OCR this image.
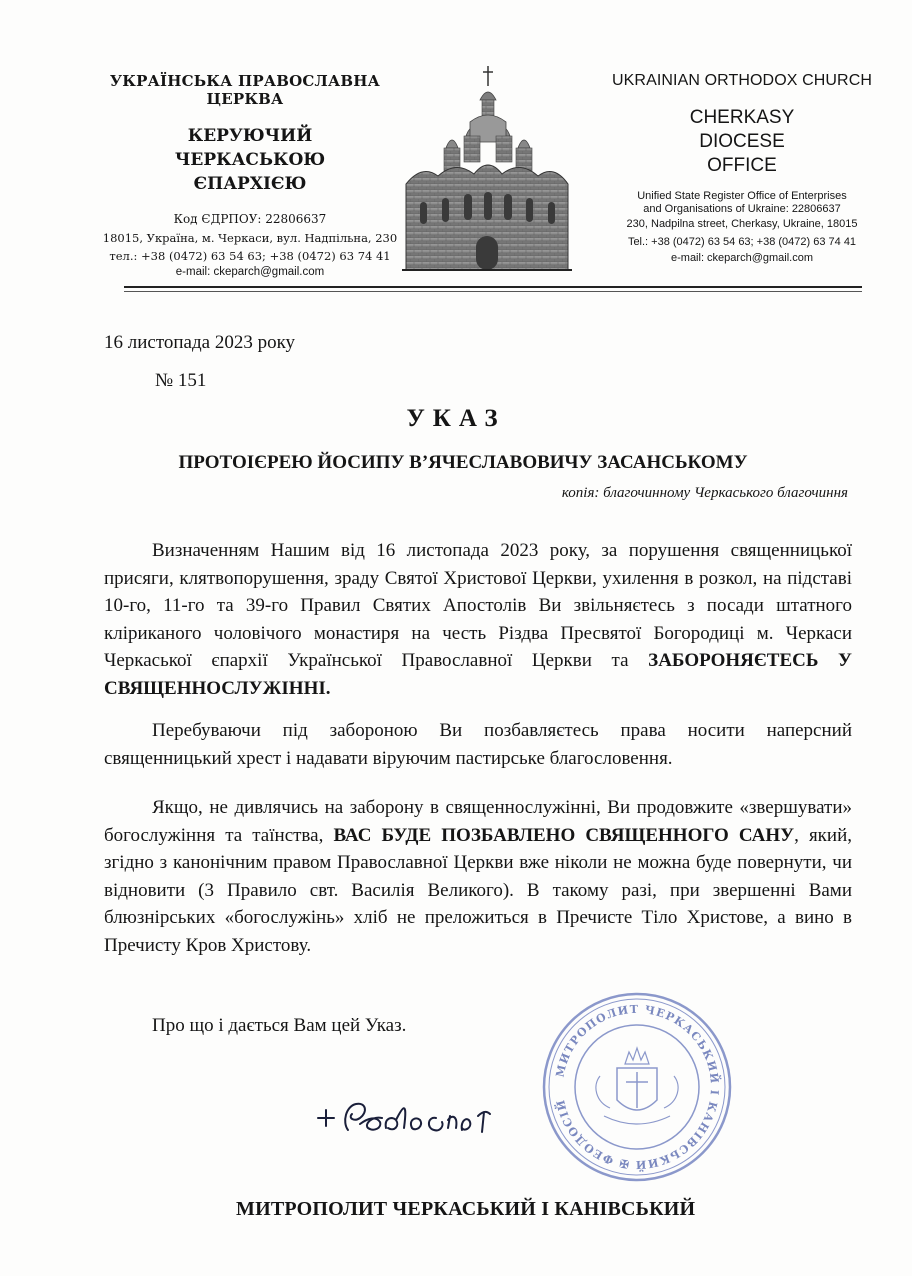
УКРАЇНСЬКА ПРАВОСЛАВНА ЦЕРКВА
КЕРУЮЧИЙ
ЧЕРКАСЬКОЮ
ЄПАРХІЄЮ
Код ЄДРПОУ: 22806637
18015, Україна, м. Черкаси, вул. Надпільна, 230
тел.: +38 (0472) 63 54 63; +38 (0472) 63 74 41
e-mail: ckeparch@gmail.com
UKRAINIAN ORTHODOX CHURCH
CHERKASY
DIOCESE
OFFICE
Unified State Register Office of Enterprises
and Organisations of Ukraine: 22806637
230, Nadpilna street, Cherkasy, Ukraine, 18015
Tel.: +38 (0472) 63 54 63; +38 (0472) 63 74 41
e-mail: ckeparch@gmail.com
16 листопада 2023 року
№ 151
УКАЗ
ПРОТОІЄРЕЮ ЙОСИПУ В’ЯЧЕСЛАВОВИЧУ ЗАСАНСЬКОМУ
копія: благочинному Черкаського благочиння
Визначенням Нашим від 16 листопада 2023 року, за порушення священницької присяги, клятвопорушення, зраду Святої Христової Церкви, ухилення в розкол, на підставі 10-го, 11-го та 39-го Правил Святих Апостолів Ви звільняєтесь з посади штатного кліриканого чоловічого монастиря на честь Різдва Пресвятої Богородиці м. Черкаси Черкаської єпархії Української Православної Церкви та ЗАБОРОНЯЄТЕСЬ У СВЯЩЕННОСЛУЖІННІ.
Перебуваючи під забороною Ви позбавляєтесь права носити наперсний священницький хрест і надавати віруючим пастирське благословення.
Якщо, не дивлячись на заборону в священнослужінні, Ви продовжите «звершувати» богослужіння та таїнства, ВАС БУДЕ ПОЗБАВЛЕНО СВЯЩЕННОГО САНУ, який, згідно з канонічним правом Православної Церкви вже ніколи не можна буде повернути, чи відновити (3 Правило свт. Василія Великого). В такому разі, при звершенні Вами блюзнірських «богослужінь» хліб не преложиться в Пречисте Тіло Христове, а вино в Пречисту Кров Христову.
Про що і дається Вам цей Указ.
МИТРОПОЛИТ ЧЕРКАСЬКИЙ І КАНІВСЬКИЙ ✠ ФЕОДОСІЙ
МИТРОПОЛИТ ЧЕРКАСЬКИЙ І КАНІВСЬКИЙ
